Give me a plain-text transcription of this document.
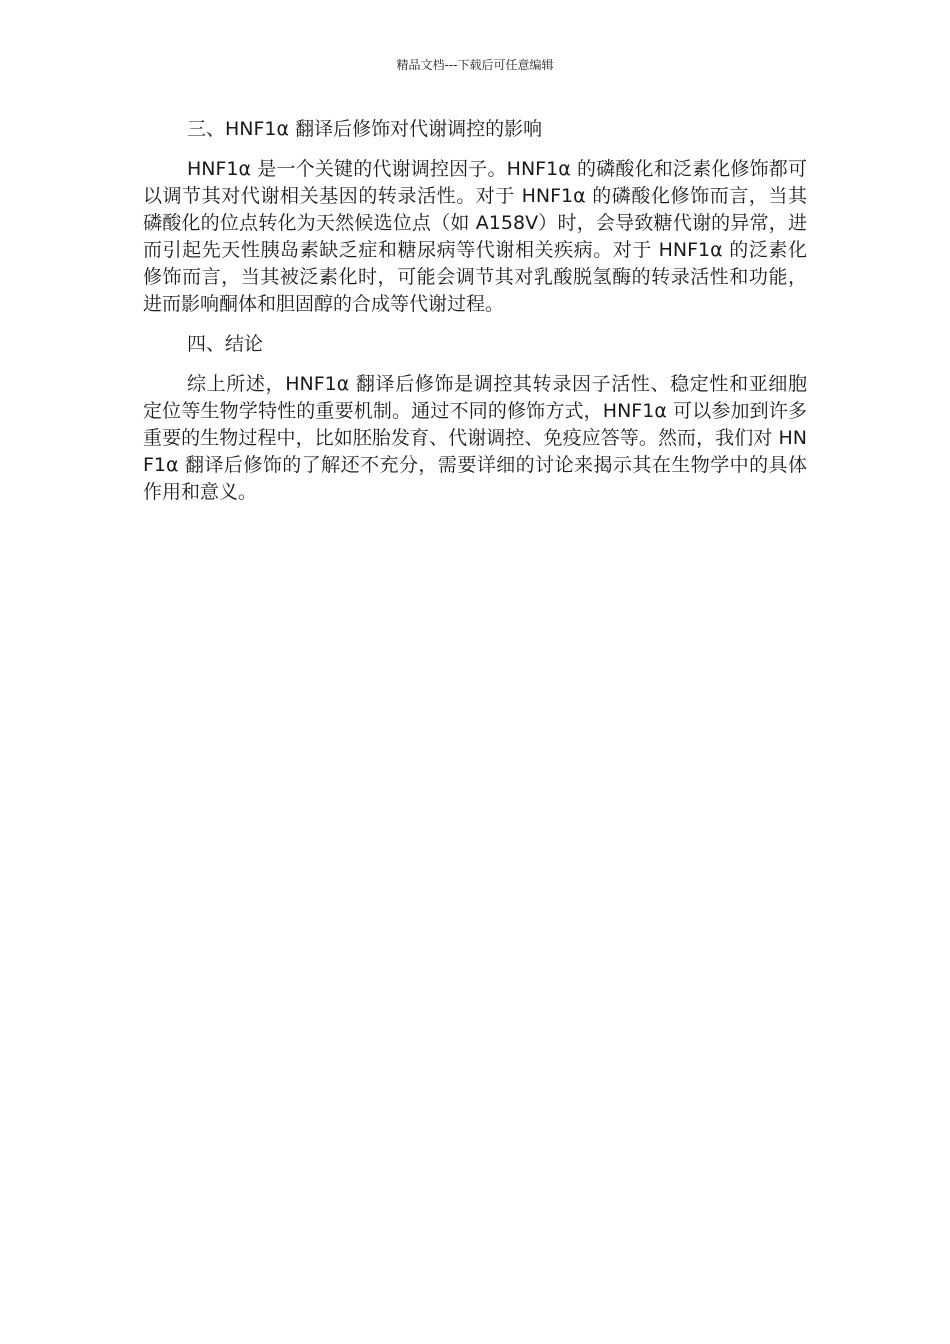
精品文档---下载后可任意编辑
三、HNF1α 翻译后修饰对代谢调控的影响

HNF1α 是一个关键的代谢调控因子。HNF1α 的磷酸化和泛素化修饰都可以调节其对代谢相关基因的转录活性。对于 HNF1α 的磷酸化修饰而言，当其磷酸化的位点转化为天然候选位点（如 A158V）时，会导致糖代谢的异常，进而引起先天性胰岛素缺乏症和糖尿病等代谢相关疾病。对于 HNF1α 的泛素化修饰而言，当其被泛素化时，可能会调节其对乳酸脱氢酶的转录活性和功能，进而影响酮体和胆固醇的合成等代谢过程。

四、结论

综上所述，HNF1α 翻译后修饰是调控其转录因子活性、稳定性和亚细胞定位等生物学特性的重要机制。通过不同的修饰方式，HNF1α 可以参加到许多重要的生物过程中，比如胚胎发育、代谢调控、免疫应答等。然而，我们对 HNF1α 翻译后修饰的了解还不充分，需要详细的讨论来揭示其在生物学中的具体作用和意义。
